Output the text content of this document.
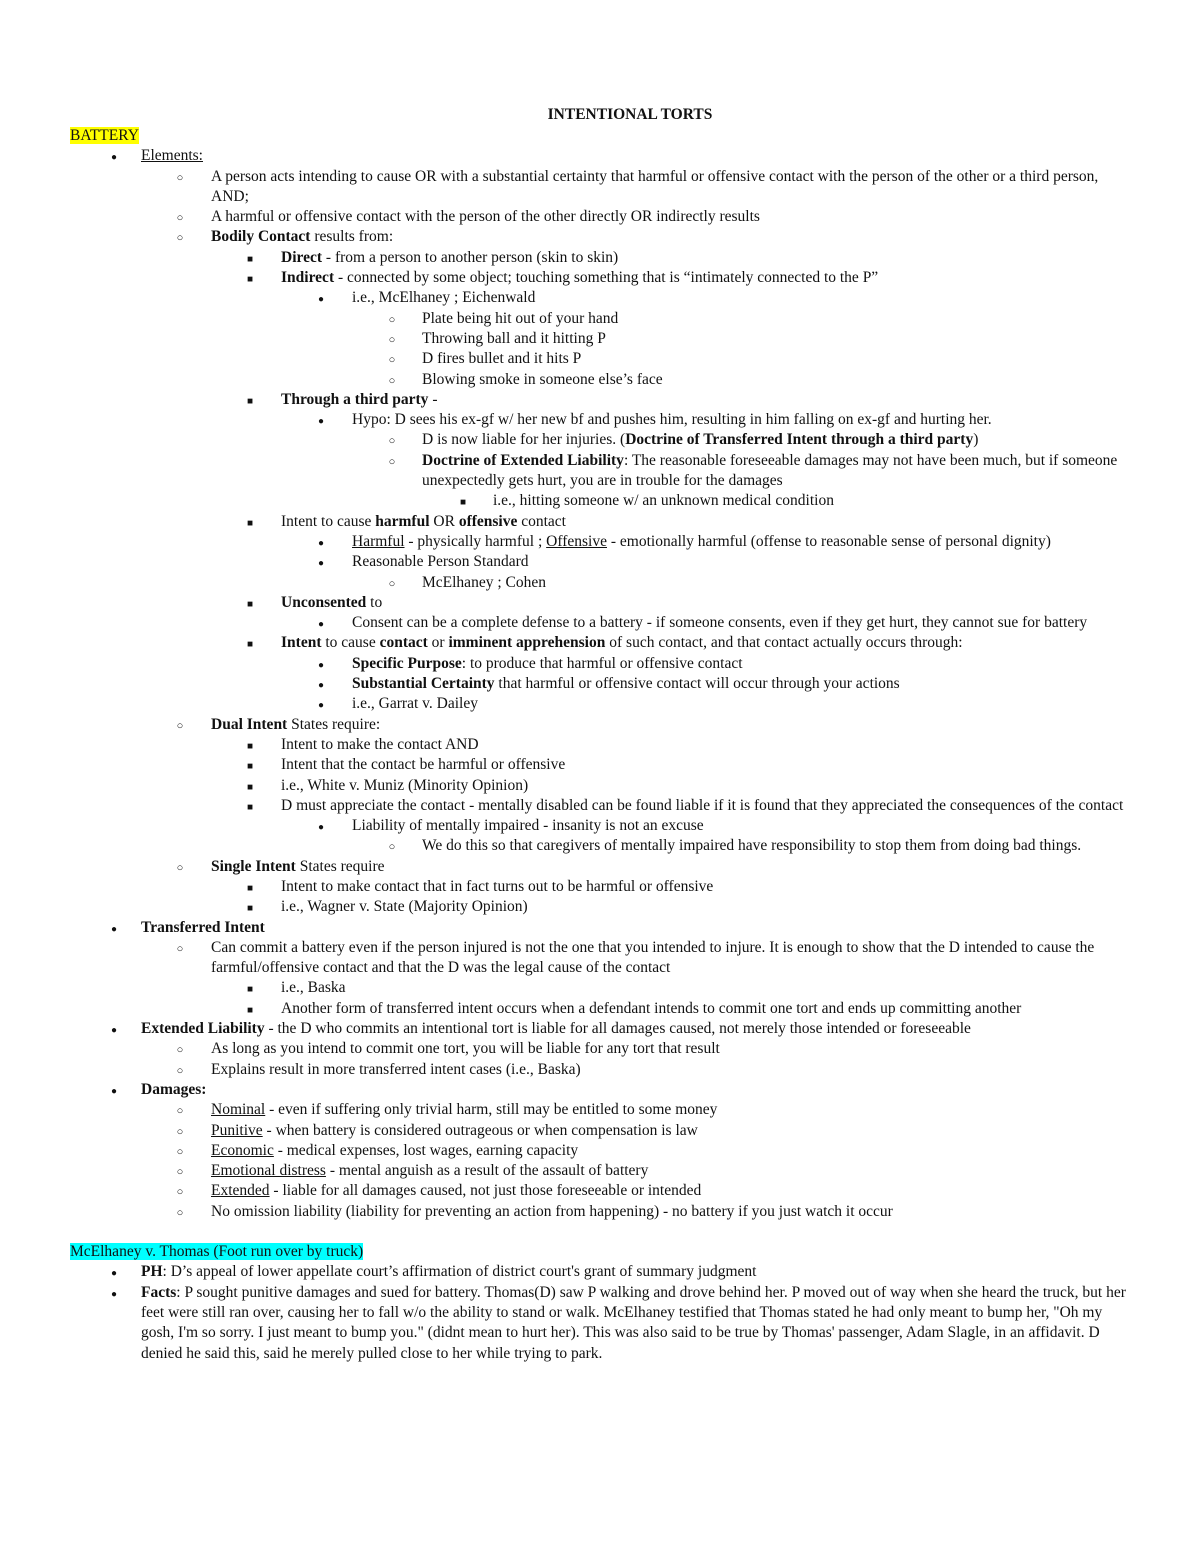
INTENTIONAL TORTS
BATTERY
●
Elements:
○
A person acts intending to cause OR with a substantial certainty that harmful or offensive contact with the person of the other or a third person, AND;
○
A harmful or offensive contact with the person of the other directly OR indirectly results
○
Bodily Contact results from:
■
Direct - from a person to another person (skin to skin)
■
Indirect - connected by some object; touching something that is “intimately connected to the P”
●
i.e., McElhaney ; Eichenwald
○
Plate being hit out of your hand
○
Throwing ball and it hitting P
○
D fires bullet and it hits P
○
Blowing smoke in someone else’s face
■
Through a third party -
●
Hypo: D sees his ex-gf w/ her new bf and pushes him, resulting in him falling on ex-gf and hurting her.
○
D is now liable for her injuries. (Doctrine of Transferred Intent through a third party)
○
Doctrine of Extended Liability: The reasonable foreseeable damages may not have been much, but if someone unexpectedly gets hurt, you are in trouble for the damages
■
i.e., hitting someone w/ an unknown medical condition
■
Intent to cause harmful OR offensive contact
●
Harmful - physically harmful ; Offensive - emotionally harmful (offense to reasonable sense of personal dignity)
●
Reasonable Person Standard
○
McElhaney ; Cohen
■
Unconsented to
●
Consent can be a complete defense to a battery - if someone consents, even if they get hurt, they cannot sue for battery
■
Intent to cause contact or imminent apprehension of such contact, and that contact actually occurs through:
●
Specific Purpose: to produce that harmful or offensive contact
●
Substantial Certainty that harmful or offensive contact will occur through your actions
●
i.e., Garrat v. Dailey
○
Dual Intent States require:
■
Intent to make the contact AND
■
Intent that the contact be harmful or offensive
■
i.e., White v. Muniz (Minority Opinion)
■
D must appreciate the contact - mentally disabled can be found liable if it is found that they appreciated the consequences of the contact
●
Liability of mentally impaired - insanity is not an excuse
○
We do this so that caregivers of mentally impaired have responsibility to stop them from doing bad things.
○
Single Intent States require
■
Intent to make contact that in fact turns out to be harmful or offensive
■
i.e., Wagner v. State (Majority Opinion)
●
Transferred Intent
○
Can commit a battery even if the person injured is not the one that you intended to injure. It is enough to show that the D intended to cause the farmful/offensive contact and that the D was the legal cause of the contact
■
i.e., Baska
■
Another form of transferred intent occurs when a defendant intends to commit one tort and ends up committing another
●
Extended Liability - the D who commits an intentional tort is liable for all damages caused, not merely those intended or foreseeable
○
As long as you intend to commit one tort, you will be liable for any tort that result
○
Explains result in more transferred intent cases (i.e., Baska)
●
Damages:
○
Nominal - even if suffering only trivial harm, still may be entitled to some money
○
Punitive - when battery is considered outrageous or when compensation is law
○
Economic - medical expenses, lost wages, earning capacity
○
Emotional distress - mental anguish as a result of the assault of battery
○
Extended - liable for all damages caused, not just those foreseeable or intended
○
No omission liability (liability for preventing an action from happening) - no battery if you just watch it occur
McElhaney v. Thomas (Foot run over by truck)
●
PH: D’s appeal of lower appellate court’s affirmation of district court's grant of summary judgment
●
Facts: P sought punitive damages and sued for battery. Thomas(D) saw P walking and drove behind her. P moved out of way when she heard the truck, but her feet were still ran over, causing her to fall w/o the ability to stand or walk. McElhaney testified that Thomas stated he had only meant to bump her, "Oh my gosh, I'm so sorry. I just meant to bump you." (didnt mean to hurt her). This was also said to be true by Thomas' passenger, Adam Slagle, in an affidavit. D denied he said this, said he merely pulled close to her while trying to park.
